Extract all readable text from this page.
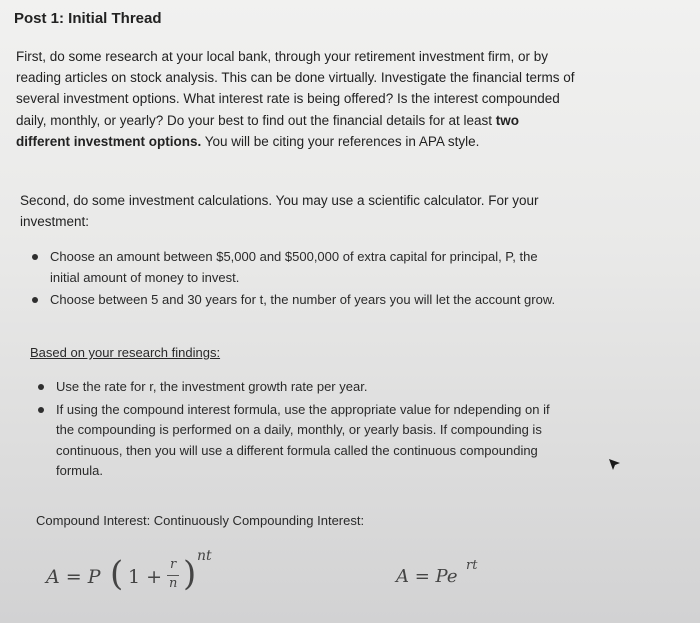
Post 1: Initial Thread
First, do some research at your local bank, through your retirement investment firm, or by reading articles on stock analysis. This can be done virtually. Investigate the financial terms of several investment options. What interest rate is being offered? Is the interest compounded daily, monthly, or yearly? Do your best to find out the financial details for at least two different investment options. You will be citing your references in APA style.
Second, do some investment calculations. You may use a scientific calculator. For your investment:
Choose an amount between $5,000 and $500,000 of extra capital for principal, P, the initial amount of money to invest.
Choose between 5 and 30 years for t, the number of years you will let the account grow.
Based on your research findings:
Use the rate for r, the investment growth rate per year.
If using the compound interest formula, use the appropriate value for ndepending on if the compounding is performed on a daily, monthly, or yearly basis. If compounding is continuous, then you will use a different formula called the continuous compounding formula.
Compound Interest: Continuously Compounding Interest:
A = P ( 1 +
r
n ) nt
A = Pe
rt
